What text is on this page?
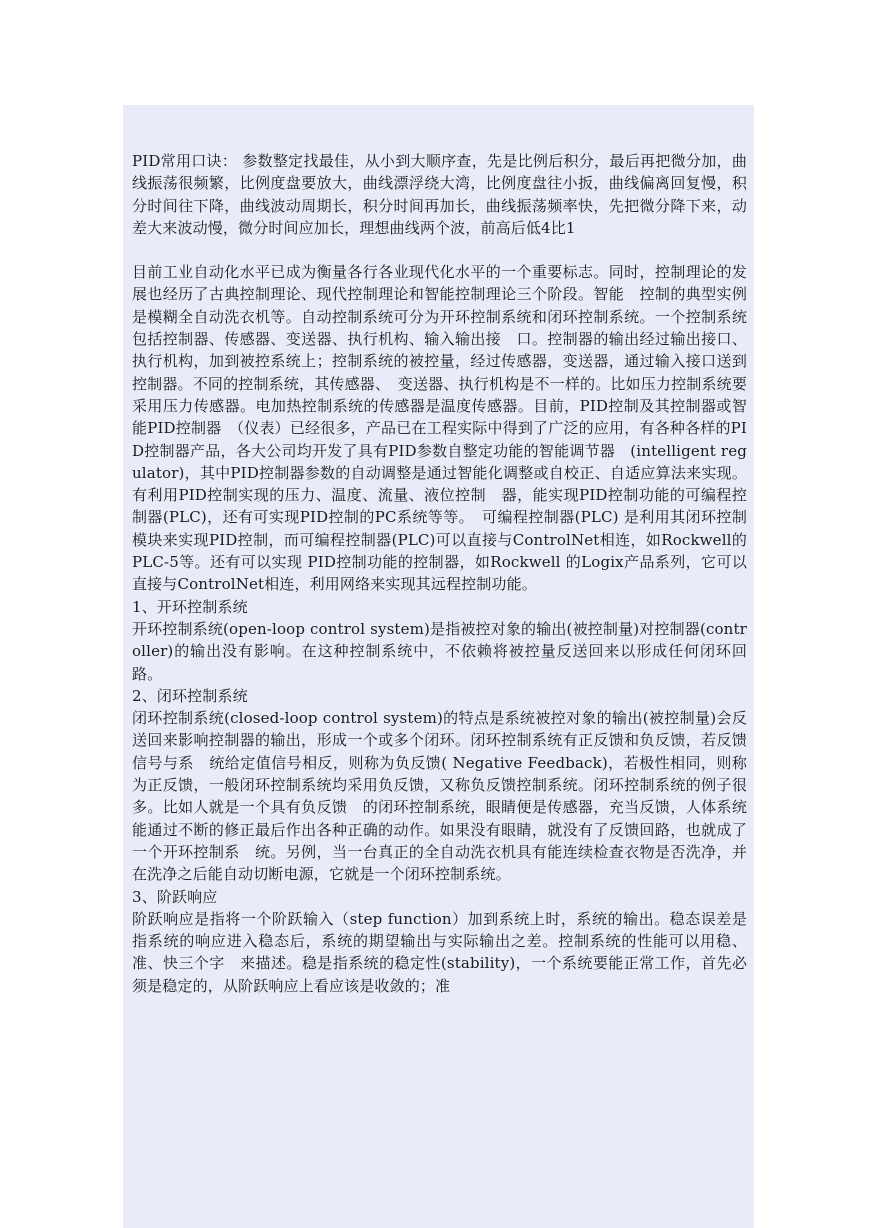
PID常用口诀： 参数整定找最佳，从小到大顺序查，先是比例后积分，最后再把微分加，曲线振荡很频繁，比例度盘要放大，曲线漂浮绕大湾，比例度盘往小扳，曲线偏离回复慢，积分时间往下降，曲线波动周期长，积分时间再加长，曲线振荡频率快，先把微分降下来，动差大来波动慢，微分时间应加长，理想曲线两个波，前高后低4比1

目前工业自动化水平已成为衡量各行各业现代化水平的一个重要标志。同时，控制理论的发展也经历了古典控制理论、现代控制理论和智能控制理论三个阶段。智能　控制的典型实例是模糊全自动洗衣机等。自动控制系统可分为开环控制系统和闭环控制系统。一个控制系统包括控制器、传感器、变送器、执行机构、输入输出接　口。控制器的输出经过输出接口、执行机构，加到被控系统上；控制系统的被控量，经过传感器，变送器，通过输入接口送到控制器。不同的控制系统，其传感器、　变送器、执行机构是不一样的。比如压力控制系统要采用压力传感器。电加热控制系统的传感器是温度传感器。目前，PID控制及其控制器或智能PID控制器　（仪表）已经很多，产品已在工程实际中得到了广泛的应用，有各种各样的PID控制器产品，各大公司均开发了具有PID参数自整定功能的智能调节器　(intelligent regulator)，其中PID控制器参数的自动调整是通过智能化调整或自校正、自适应算法来实现。有利用PID控制实现的压力、温度、流量、液位控制　器，能实现PID控制功能的可编程控制器(PLC)，还有可实现PID控制的PC系统等等。　可编程控制器(PLC) 是利用其闭环控制模块来实现PID控制，而可编程控制器(PLC)可以直接与ControlNet相连，如Rockwell的PLC-5等。还有可以实现 PID控制功能的控制器，如Rockwell 的Logix产品系列，它可以直接与ControlNet相连，利用网络来实现其远程控制功能。

1、开环控制系统

开环控制系统(open-loop control system)是指被控对象的输出(被控制量)对控制器(controller)的输出没有影响。在这种控制系统中，不依赖将被控量反送回来以形成任何闭环回路。

2、闭环控制系统

闭环控制系统(closed-loop control system)的特点是系统被控对象的输出(被控制量)会反送回来影响控制器的输出，形成一个或多个闭环。闭环控制系统有正反馈和负反馈，若反馈信号与系　统给定值信号相反，则称为负反馈( Negative Feedback)，若极性相同，则称为正反馈，一般闭环控制系统均采用负反馈，又称负反馈控制系统。闭环控制系统的例子很多。比如人就是一个具有负反馈　的闭环控制系统，眼睛便是传感器，充当反馈，人体系统能通过不断的修正最后作出各种正确的动作。如果没有眼睛，就没有了反馈回路，也就成了一个开环控制系　统。另例，当一台真正的全自动洗衣机具有能连续检查衣物是否洗净，并在洗净之后能自动切断电源，它就是一个闭环控制系统。

3、阶跃响应

阶跃响应是指将一个阶跃输入（step function）加到系统上时，系统的输出。稳态误差是指系统的响应进入稳态后，系统的期望输出与实际输出之差。控制系统的性能可以用稳、准、快三个字　来描述。稳是指系统的稳定性(stability)，一个系统要能正常工作，首先必须是稳定的，从阶跃响应上看应该是收敛的；准
